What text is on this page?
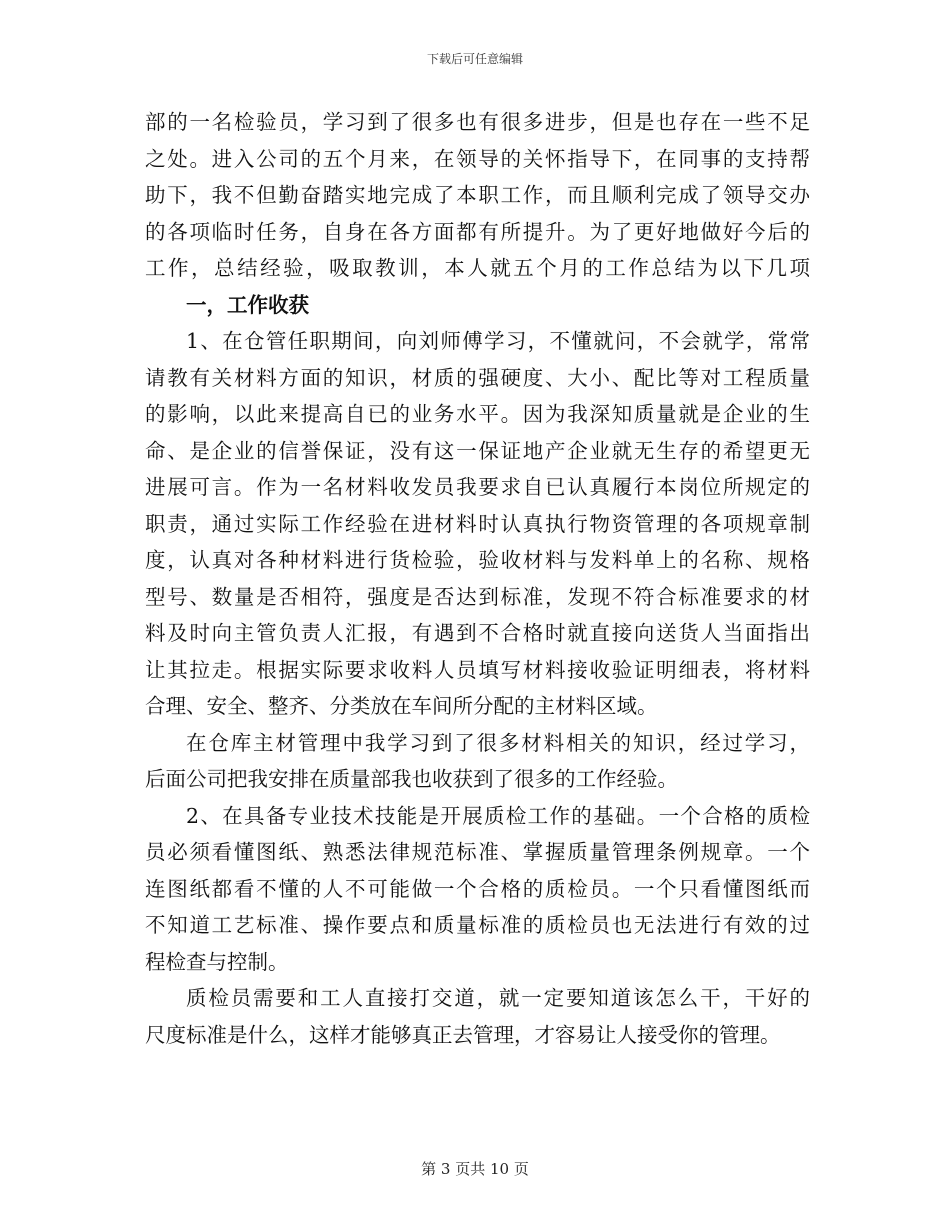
下载后可任意编辑
部的一名检验员，学习到了很多也有很多进步，但是也存在一些不足
之处。进入公司的五个月来，在领导的关怀指导下，在同事的支持帮
助下，我不但勤奋踏实地完成了本职工作，而且顺利完成了领导交办
的各项临时任务，自身在各方面都有所提升。为了更好地做好今后的
工作，总结经验，吸取教训，本人就五个月的工作总结为以下几项
一，工作收获
1、在仓管任职期间，向刘师傅学习，不懂就问，不会就学，常常
请教有关材料方面的知识，材质的强硬度、大小、配比等对工程质量
的影响，以此来提高自已的业务水平。因为我深知质量就是企业的生
命、是企业的信誉保证，没有这一保证地产企业就无生存的希望更无
进展可言。作为一名材料收发员我要求自已认真履行本岗位所规定的
职责，通过实际工作经验在进材料时认真执行物资管理的各项规章制
度，认真对各种材料进行货检验，验收材料与发料单上的名称、规格
型号、数量是否相符，强度是否达到标准，发现不符合标准要求的材
料及时向主管负责人汇报，有遇到不合格时就直接向送货人当面指出
让其拉走。根据实际要求收料人员填写材料接收验证明细表，将材料
合理、安全、整齐、分类放在车间所分配的主材料区域。
在仓库主材管理中我学习到了很多材料相关的知识，经过学习，
后面公司把我安排在质量部我也收获到了很多的工作经验。
2、在具备专业技术技能是开展质检工作的基础。一个合格的质检
员必须看懂图纸、熟悉法律规范标准、掌握质量管理条例规章。一个
连图纸都看不懂的人不可能做一个合格的质检员。一个只看懂图纸而
不知道工艺标准、操作要点和质量标准的质检员也无法进行有效的过
程检查与控制。
质检员需要和工人直接打交道，就一定要知道该怎么干，干好的
尺度标准是什么，这样才能够真正去管理，才容易让人接受你的管理。
第 3 页共 10 页
